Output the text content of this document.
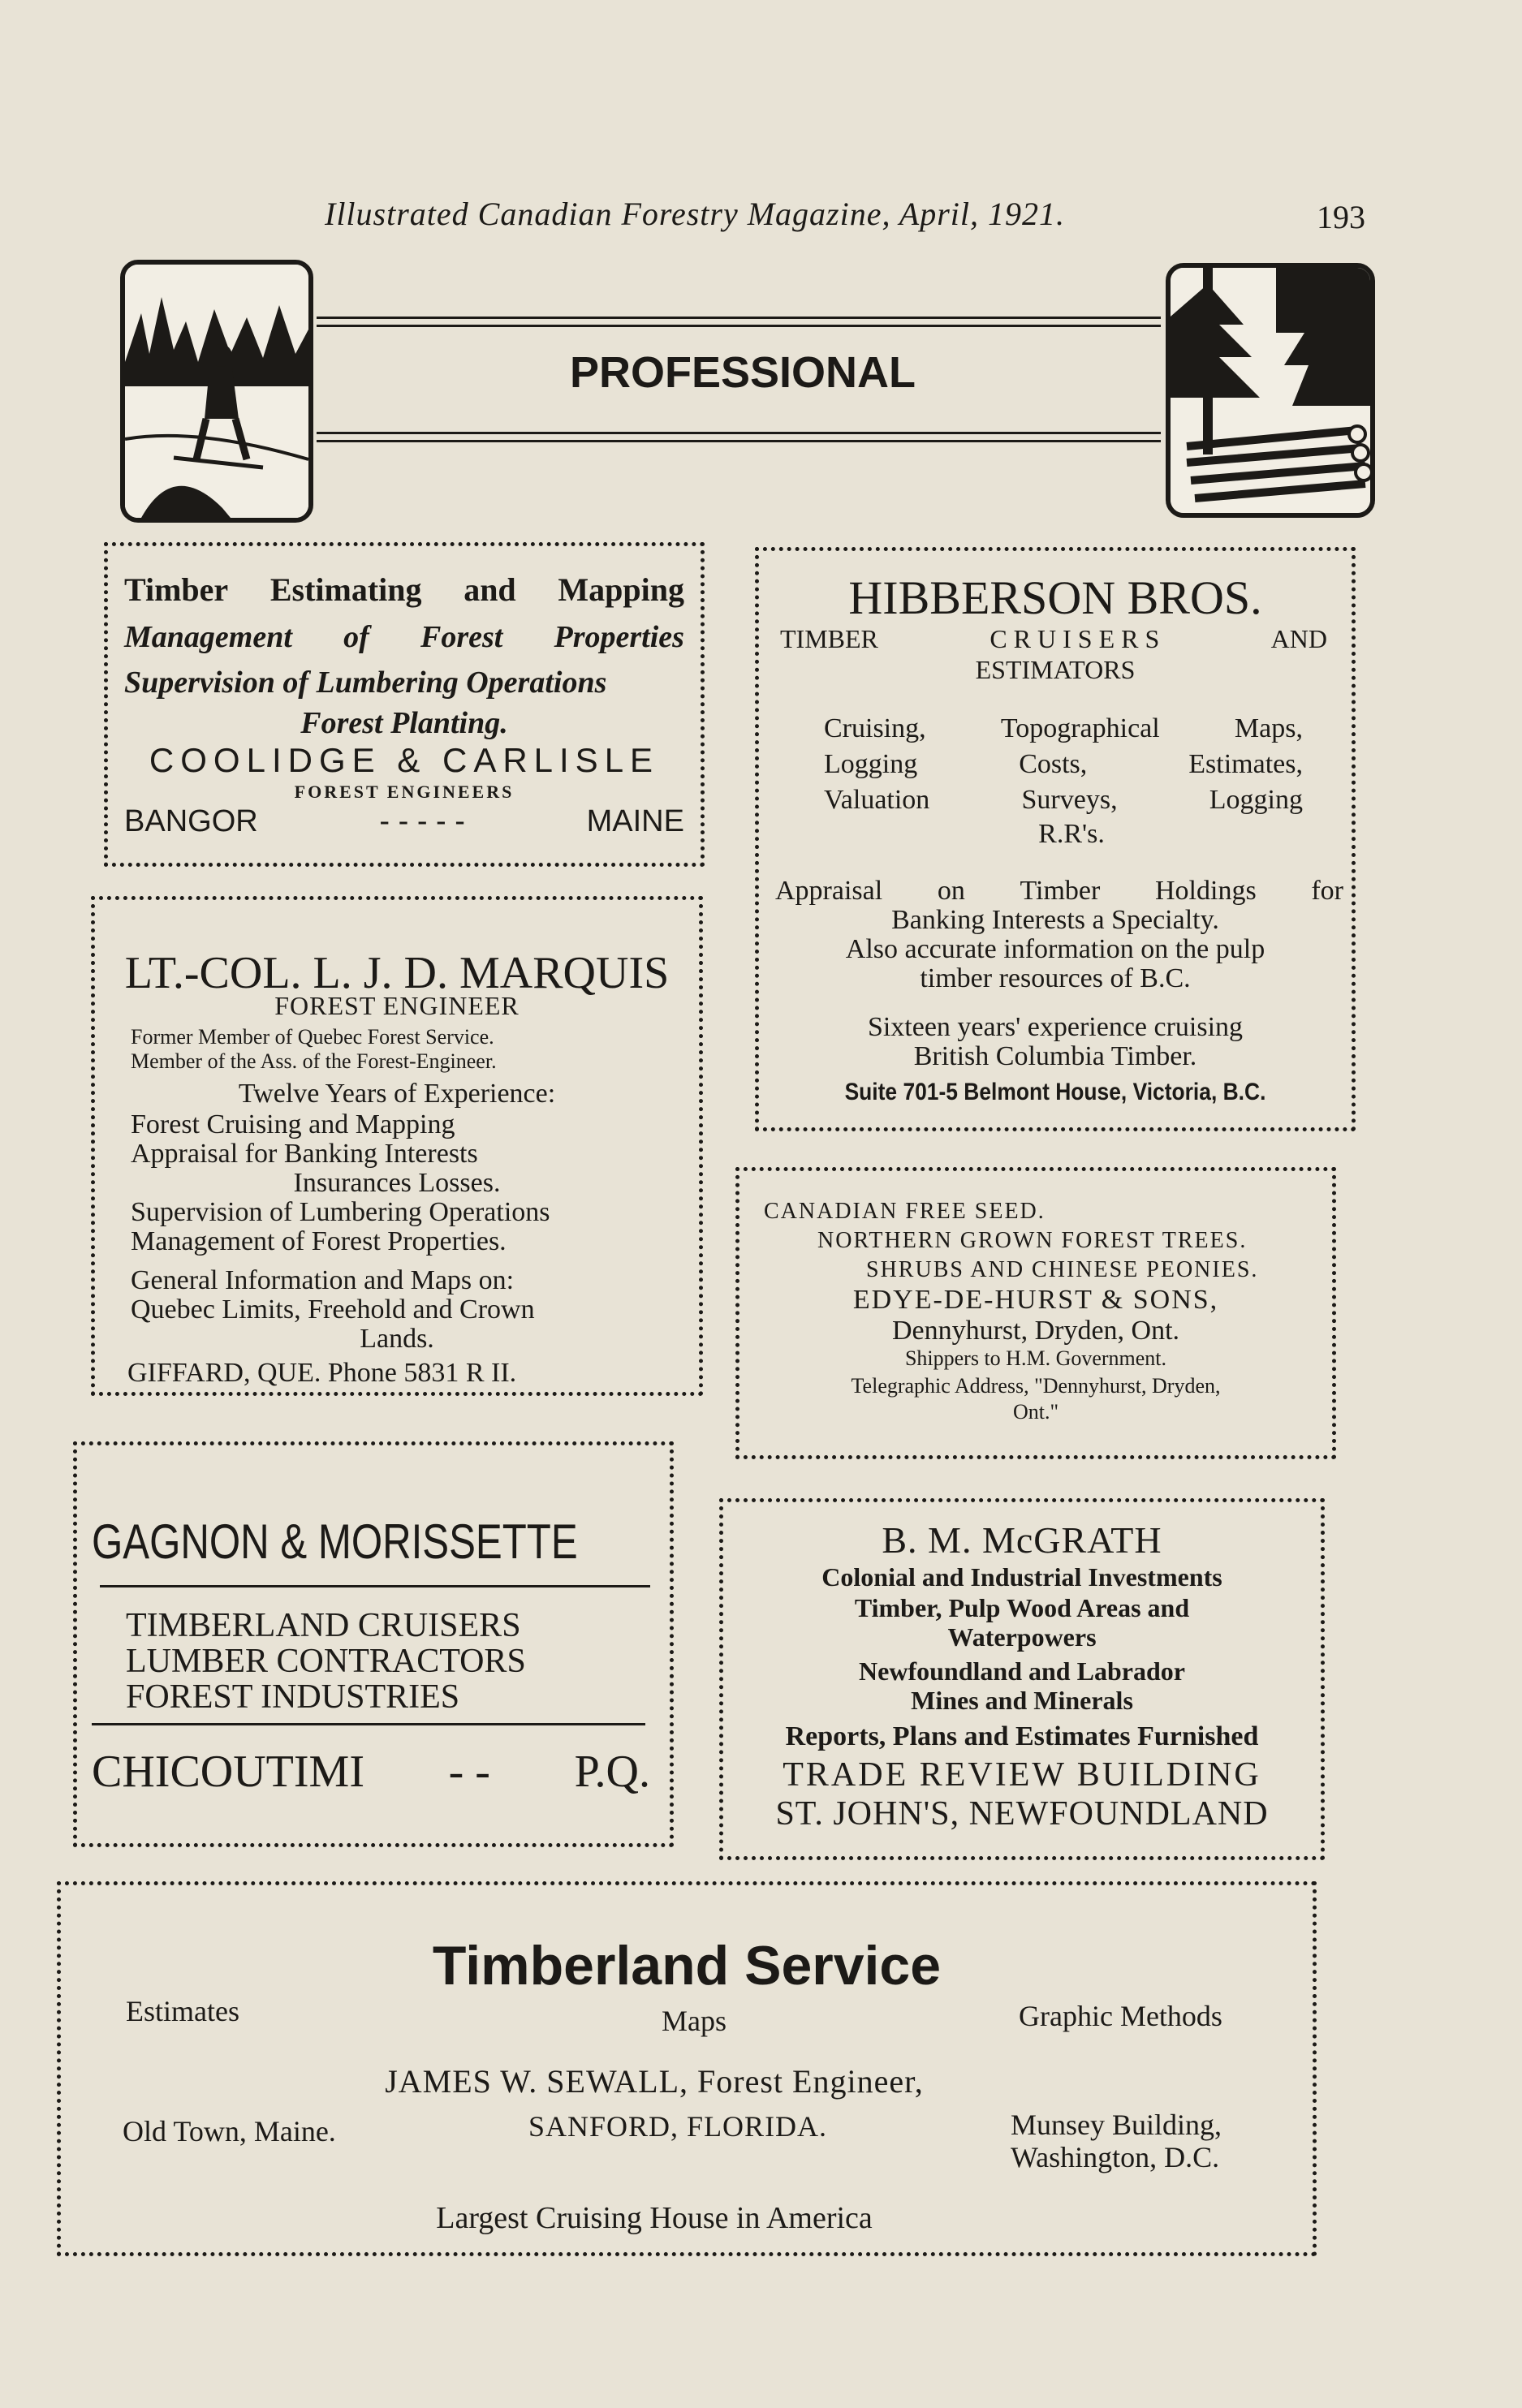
Illustrated Canadian Forestry Magazine, April, 1921.	193
PROFESSIONAL
Timber Estimating and Mapping
Management of Forest Properties
Supervision of Lumbering Operations
Forest Planting.
COOLIDGE & CARLISLE
FOREST ENGINEERS
BANGOR	- - - - -	MAINE
HIBBERSON BROS.
TIMBER	C R U I S E R S	AND
ESTIMATORS
Cruising,	Topographical	Maps,
Logging	Costs,	Estimates,
Valuation	Surveys,	Logging
R.R's.
Appraisal on Timber Holdings for
Banking Interests a Specialty.
Also accurate information on the pulp
timber resources of B.C.
Sixteen years' experience cruising
British Columbia Timber.
Suite 701-5 Belmont House, Victoria, B.C.
LT.-COL. L. J. D. MARQUIS
FOREST ENGINEER
Former Member of Quebec Forest Service.
Member of the Ass. of the Forest-Engineer.
Twelve Years of Experience:
Forest Cruising and Mapping
Appraisal for Banking Interests
Insurances Losses.
Supervision of Lumbering Operations
Management of Forest Properties.
General Information and Maps on:
Quebec Limits, Freehold and Crown
Lands.
GIFFARD, QUE. Phone 5831 R II.
CANADIAN FREE SEED.
NORTHERN GROWN FOREST TREES.
SHRUBS AND CHINESE PEONIES.
EDYE-DE-HURST & SONS,
Dennyhurst, Dryden, Ont.
Shippers to H.M. Government.
Telegraphic Address, "Dennyhurst, Dryden,
Ont."
GAGNON & MORISSETTE
TIMBERLAND CRUISERS
LUMBER CONTRACTORS
FOREST INDUSTRIES
CHICOUTIMI - - P.Q.
B. M. McGRATH
Colonial and Industrial Investments
Timber, Pulp Wood Areas and
Waterpowers
Newfoundland and Labrador
Mines and Minerals
Reports, Plans and Estimates Furnished
TRADE REVIEW BUILDING
ST. JOHN'S, NEWFOUNDLAND
Timberland Service
Estimates	Maps	Graphic Methods
JAMES W. SEWALL, Forest Engineer,
Old Town, Maine.	SANFORD, FLORIDA.	Munsey Building,
Washington, D.C.
Largest Cruising House in America
